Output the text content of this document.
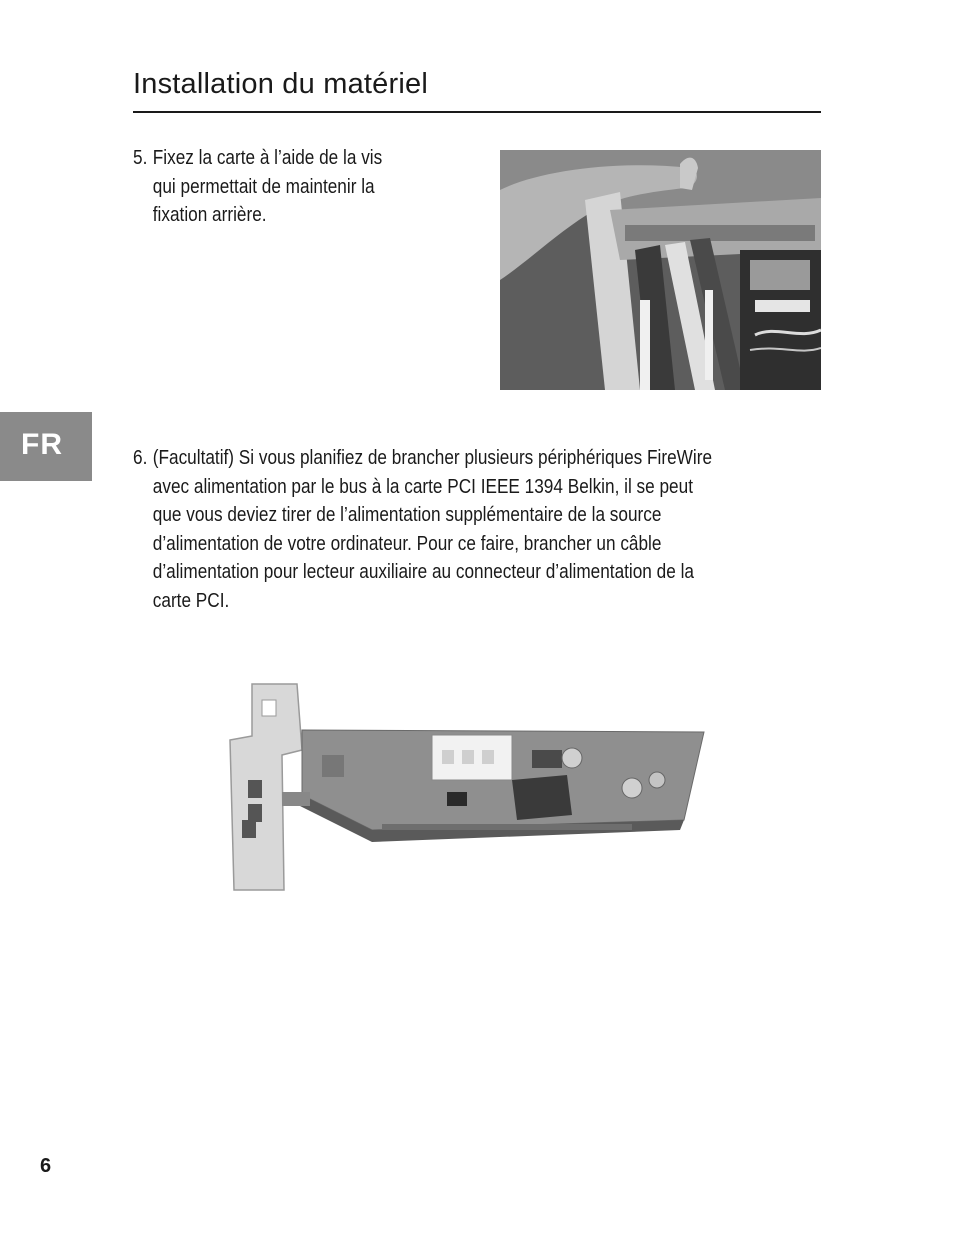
Installation du matériel
5. Fixez la carte à l’aide de la vis
qui permettait de maintenir la
fixation arrière.
FR	6. (Facultatif) Si vous planifiez de brancher plusieurs périphériques FireWire
avec alimentation par le bus à la carte PCI IEEE 1394 Belkin, il se peut
que vous deviez tirer de l’alimentation supplémentaire de la source
d’alimentation de votre ordinateur. Pour ce faire, brancher un câble
d’alimentation pour lecteur auxiliaire au connecteur d’alimentation de la
carte PCI.
6
